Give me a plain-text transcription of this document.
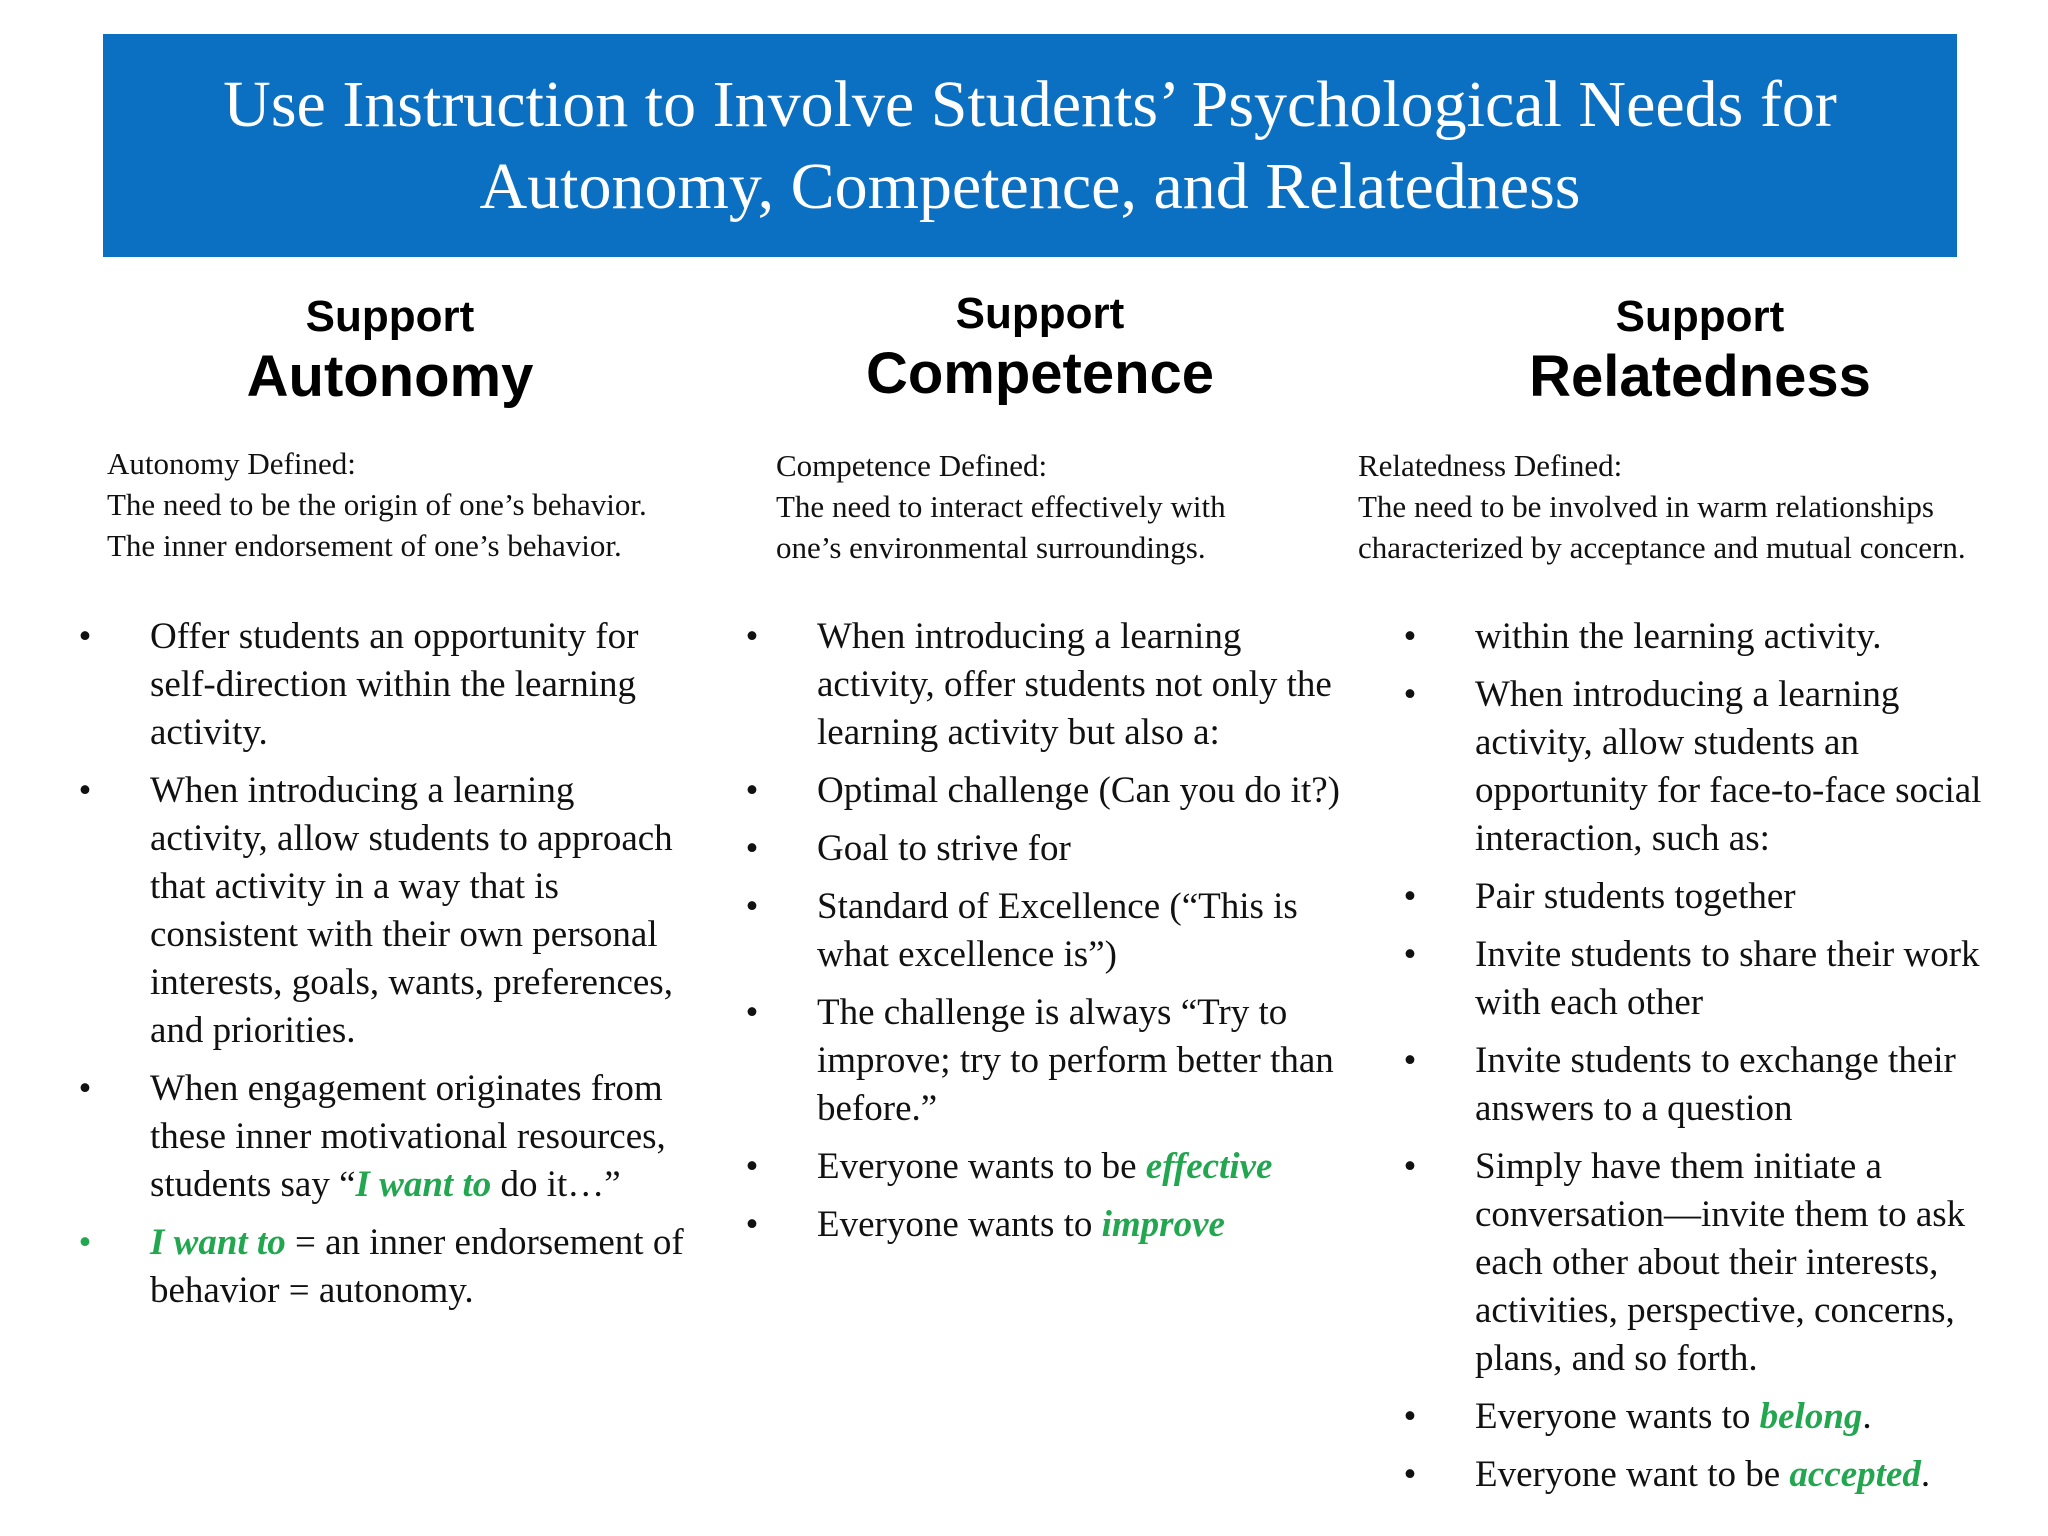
Use Instruction to Involve Students’ Psychological Needs for
Autonomy, Competence, and Relatedness
Support
Autonomy
Autonomy Defined:
The need to be the origin of one’s behavior.
The inner endorsement of one’s behavior.
• Offer students an opportunity for self-direction within the learning activity.
• When introducing a learning activity, allow students to approach that activity in a way that is consistent with their own personal interests, goals, wants, preferences, and priorities.
• When engagement originates from these inner motivational resources, students say “I want to do it…”
• I want to = an inner endorsement of behavior = autonomy.
Support
Competence
Competence Defined:
The need to interact effectively with
one’s environmental surroundings.
• When introducing a learning activity, offer students not only the learning activity but also a:
• Optimal challenge (Can you do it?)
• Goal to strive for
• Standard of Excellence (“This is what excellence is”)
• The challenge is always “Try to improve; try to perform better than before.”
• Everyone wants to be effective
• Everyone wants to improve
Support
Relatedness
Relatedness Defined:
The need to be involved in warm relationships
characterized by acceptance and mutual concern.
• within the learning activity.
• When introducing a learning activity, allow students an opportunity for face-to-face social interaction, such as:
• Pair students together
• Invite students to share their work with each other
• Invite students to exchange their answers to a question
• Simply have them initiate a conversation—invite them to ask each other about their interests, activities, perspective, concerns, plans, and so forth.
• Everyone wants to belong.
• Everyone want to be accepted.
